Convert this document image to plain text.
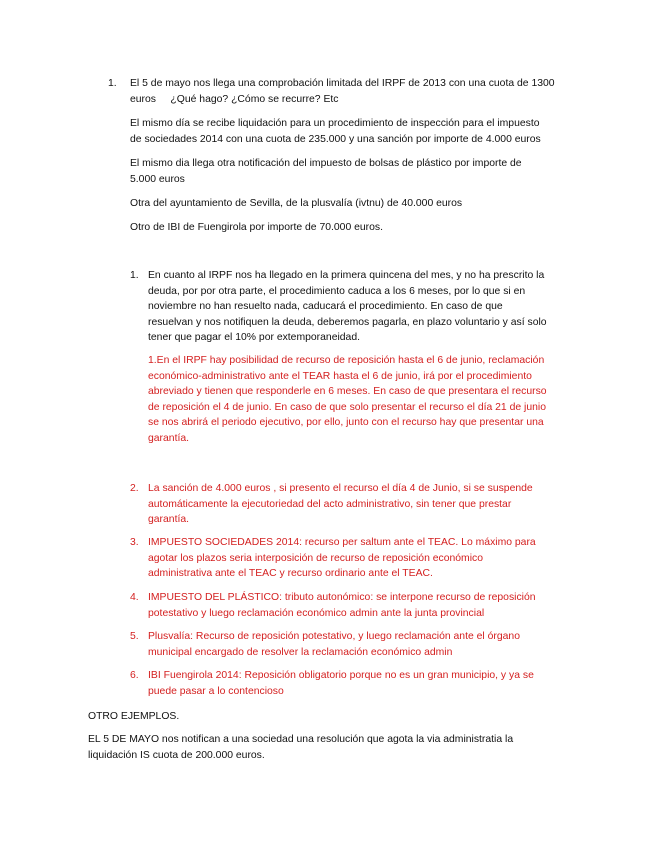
1. El 5 de mayo nos llega una comprobación limitada del IRPF de 2013 con una cuota de 1300
euros     ¿Qué hago? ¿Cómo se recurre? Etc
El mismo día se recibe liquidación para un procedimiento de inspección para el impuesto
de sociedades 2014 con una cuota de 235.000 y una sanción por importe de 4.000 euros
El mismo dia llega otra notificación del impuesto de bolsas de plástico por importe de
5.000 euros
Otra del ayuntamiento de Sevilla, de la plusvalía (ivtnu) de 40.000 euros
Otro de IBI de Fuengirola por importe de 70.000 euros.
1. En cuanto al IRPF nos ha llegado en la primera quincena del mes, y no ha prescrito la
deuda, por por otra parte, el procedimiento caduca a los 6 meses, por lo que si en
noviembre no han resuelto nada, caducará el procedimiento. En caso de que
resuelvan y nos notifiquen la deuda, deberemos pagarla, en plazo voluntario y así solo
tener que pagar el 10% por extemporaneidad.
1.En el IRPF hay posibilidad de recurso de reposición hasta el 6 de junio, reclamación
económico-administrativo ante el TEAR hasta el 6 de junio, irá por el procedimiento
abreviado y tienen que responderle en 6 meses. En caso de que presentara el recurso
de reposición el 4 de junio. En caso de que solo presentar el recurso el día 21 de junio
se nos abrirá el periodo ejecutivo, por ello, junto con el recurso hay que presentar una
garantía.
2. La sanción de 4.000 euros , si presento el recurso el día 4 de Junio, si se suspende
automáticamente la ejecutoriedad del acto administrativo, sin tener que prestar
garantía.
3. IMPUESTO SOCIEDADES 2014: recurso per saltum ante el TEAC. Lo máximo para
agotar los plazos seria interposición de recurso de reposición económico
administrativa ante el TEAC y recurso ordinario ante el TEAC.
4. IMPUESTO DEL PLÁSTICO: tributo autonómico: se interpone recurso de reposición
potestativo y luego reclamación económico admin ante la junta provincial
5. Plusvalía: Recurso de reposición potestativo, y luego reclamación ante el órgano
municipal encargado de resolver la reclamación económico admin
6. IBI Fuengirola 2014: Reposición obligatorio porque no es un gran municipio, y ya se
puede pasar a lo contencioso
OTRO EJEMPLOS.
EL 5 DE MAYO nos notifican a una sociedad una resolución que agota la via administratia la
liquidación IS cuota de 200.000 euros.
